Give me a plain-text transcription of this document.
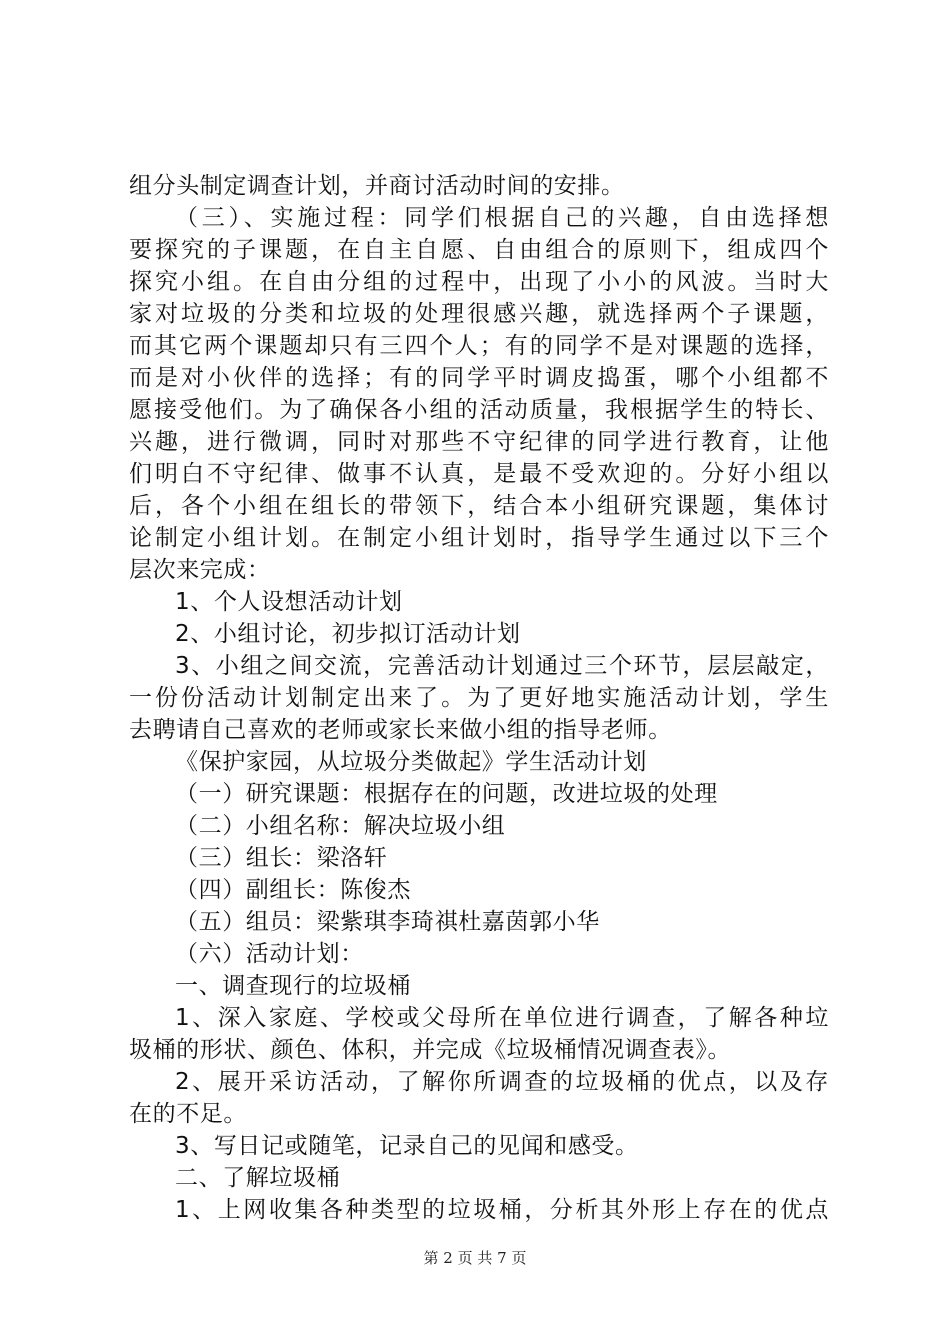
组分头制定调查计划，并商讨活动时间的安排。
（三）、实施过程：同学们根据自己的兴趣，自由选择想
要探究的子课题，在自主自愿、自由组合的原则下，组成四个
探究小组。在自由分组的过程中，出现了小小的风波。当时大
家对垃圾的分类和垃圾的处理很感兴趣，就选择两个子课题，
而其它两个课题却只有三四个人；有的同学不是对课题的选择，
而是对小伙伴的选择；有的同学平时调皮捣蛋，哪个小组都不
愿接受他们。为了确保各小组的活动质量，我根据学生的特长、
兴趣，进行微调，同时对那些不守纪律的同学进行教育，让他
们明白不守纪律、做事不认真，是最不受欢迎的。分好小组以
后，各个小组在组长的带领下，结合本小组研究课题，集体讨
论制定小组计划。在制定小组计划时，指导学生通过以下三个
层次来完成：
1、个人设想活动计划
2、小组讨论，初步拟订活动计划
3、小组之间交流，完善活动计划通过三个环节，层层敲定，
一份份活动计划制定出来了。为了更好地实施活动计划，学生
去聘请自己喜欢的老师或家长来做小组的指导老师。
《保护家园，从垃圾分类做起》学生活动计划
（一）研究课题：根据存在的问题，改进垃圾的处理
（二）小组名称：解决垃圾小组
（三）组长：梁洛轩
（四）副组长：陈俊杰
（五）组员：梁紫琪李琦祺杜嘉茵郭小华
（六）活动计划：
一、调查现行的垃圾桶
1、深入家庭、学校或父母所在单位进行调查，了解各种垃
圾桶的形状、颜色、体积，并完成《垃圾桶情况调查表》。
2、展开采访活动，了解你所调查的垃圾桶的优点，以及存
在的不足。
3、写日记或随笔，记录自己的见闻和感受。
二、了解垃圾桶
1、上网收集各种类型的垃圾桶，分析其外形上存在的优点
第 2 页 共 7 页
